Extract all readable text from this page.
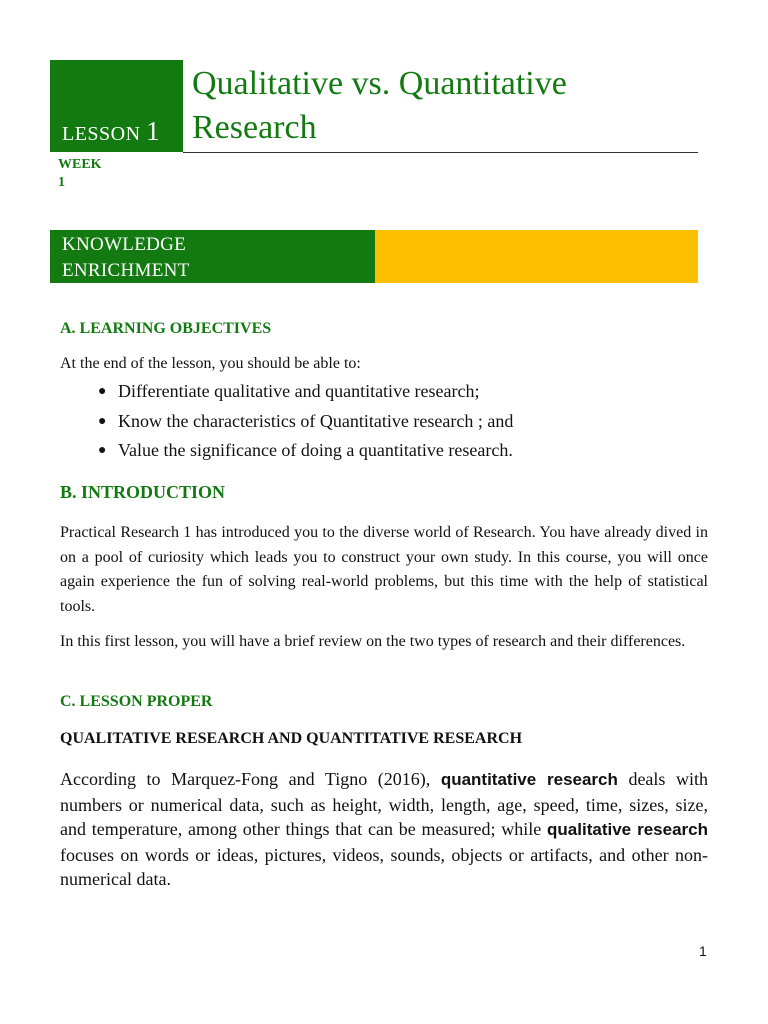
LESSON 1
Qualitative vs. Quantitative
Research
WEEK
1
KNOWLEDGE
ENRICHMENT
A. LEARNING OBJECTIVES
At the end of the lesson, you should be able to:
● Differentiate qualitative and quantitative research;
● Know the characteristics of Quantitative research ; and
● Value the significance of doing a quantitative research.
B. INTRODUCTION
Practical Research 1 has introduced you to the diverse world of Research. You have already dived in on a pool of curiosity which leads you to construct your own study. In this course, you will once again experience the fun of solving real-world problems, but this time with the help of statistical tools.
In this first lesson, you will have a brief review on the two types of research and their differences.
C. LESSON PROPER
QUALITATIVE RESEARCH AND QUANTITATIVE RESEARCH
According to Marquez-Fong and Tigno (2016), quantitative research deals with numbers or numerical data, such as height, width, length, age, speed, time, sizes, size, and temperature, among other things that can be measured; while qualitative research focuses on words or ideas, pictures, videos, sounds, objects or artifacts, and other non-numerical data.
1
